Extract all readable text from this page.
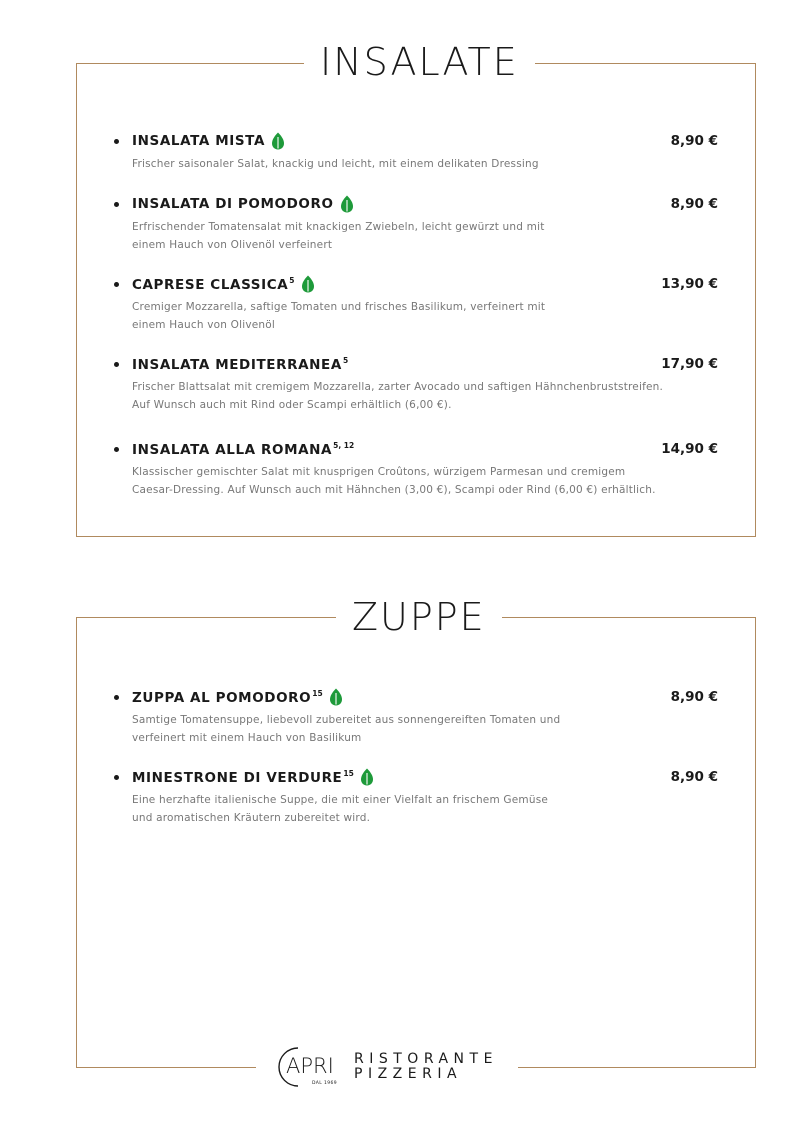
INSALATE
INSALATA MISTA	8,90 €
Frischer saisonaler Salat, knackig und leicht, mit einem delikaten Dressing
INSALATA DI POMODORO	8,90 €
Erfrischender Tomatensalat mit knackigen Zwiebeln, leicht gewürzt und mit
einem Hauch von Olivenöl verfeinert
CAPRESE CLASSICA$^5$	13,90 €
Cremiger Mozzarella, saftige Tomaten und frisches Basilikum, verfeinert mit
einem Hauch von Olivenöl
INSALATA MEDITERRANEA$^5$	17,90 €
Frischer Blattsalat mit cremigem Mozzarella, zarter Avocado und saftigen Hähnchenbruststreifen.
Auf Wunsch auch mit Rind oder Scampi erhältlich (6,00 €).
INSALATA ALLA ROMANA$^{5, 12}$	14,90 €
Klassischer gemischter Salat mit knusprigen Croûtons, würzigem Parmesan und cremigem
Caesar-Dressing. Auf Wunsch auch mit Hähnchen (3,00 €), Scampi oder Rind (6,00 €) erhältlich.
ZUPPE
ZUPPA AL POMODORO$^{15}$	8,90 €
Samtige Tomatensuppe, liebevoll zubereitet aus sonnengereiften Tomaten und
verfeinert mit einem Hauch von Basilikum
MINESTRONE DI VERDURE$^{15}$	8,90 €
Eine herzhafte italienische Suppe, die mit einer Vielfalt an frischem Gemüse
und aromatischen Kräutern zubereitet wird.
APRI
DAL 1969
RISTORANTE
PIZZERIA
